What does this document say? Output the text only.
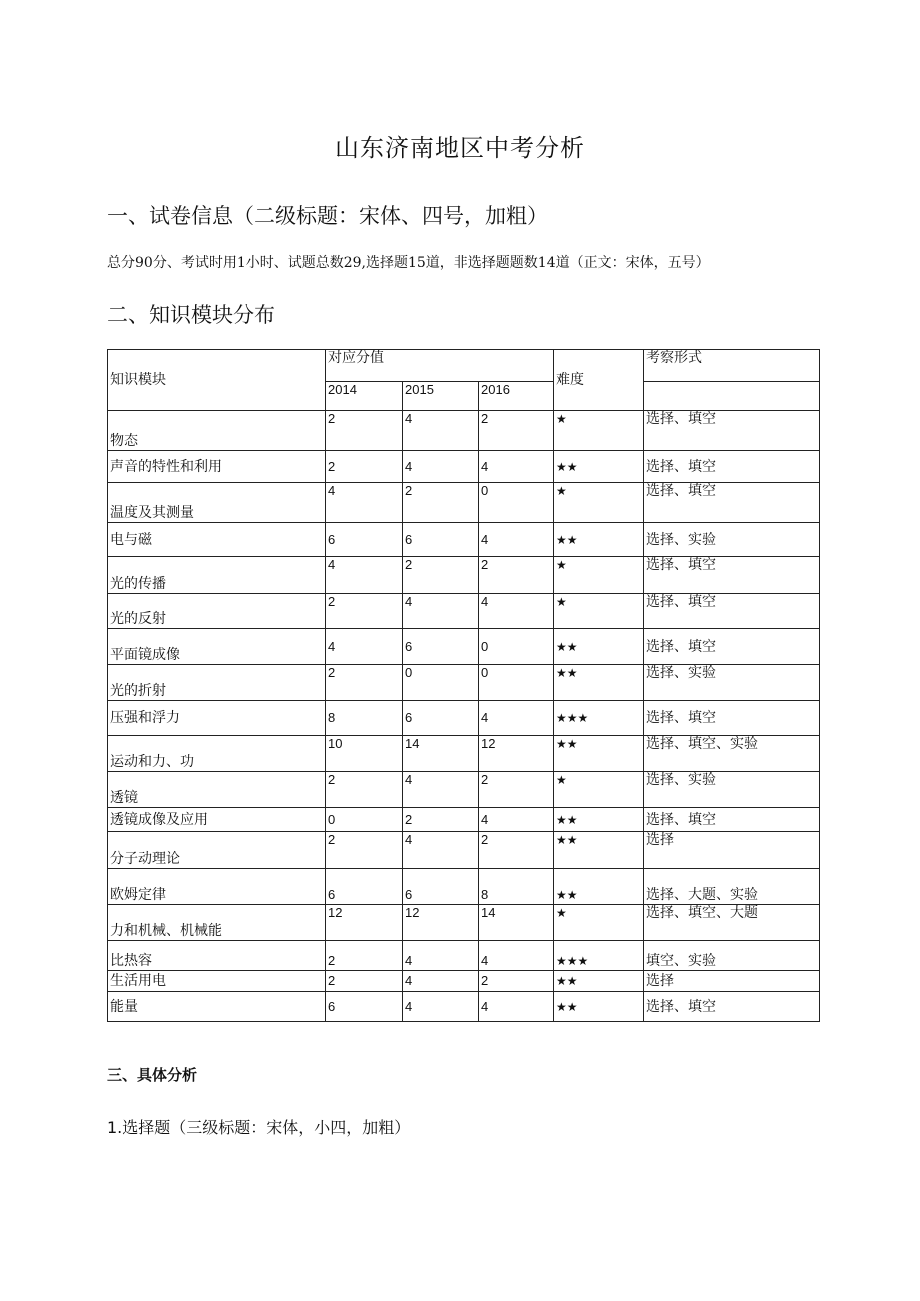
山东济南地区中考分析
一、试卷信息（二级标题：宋体、四号，加粗）
总分90分、考试时用1小时、试题总数29,选择题15道，非选择题题数14道（正文：宋体，五号）
二、知识模块分布
知识模块	对应分值			难度	考察形式
	2014	2015	2016		
物态	2	4	2	★	选择、填空
声音的特性和利用	2	4	4	★★	选择、填空
温度及其测量	4	2	0	★	选择、填空
电与磁	6	6	4	★★	选择、实验
光的传播	4	2	2	★	选择、填空
光的反射	2	4	4	★	选择、填空
平面镜成像	4	6	0	★★	选择、填空
光的折射	2	0	0	★★	选择、实验
压强和浮力	8	6	4	★★★	选择、填空
运动和力、功	10	14	12	★★	选择、填空、实验
透镜	2	4	2	★	选择、实验
透镜成像及应用	0	2	4	★★	选择、填空
分子动理论	2	4	2	★★	选择
欧姆定律	6	6	8	★★	选择、大题、实验
力和机械、机械能	12	12	14	★	选择、填空、大题
比热容	2	4	4	★★★	填空、实验
生活用电	2	4	2	★★	选择
能量	6	4	4	★★	选择、填空
三、具体分析
1.选择题（三级标题：宋体，小四，加粗）
